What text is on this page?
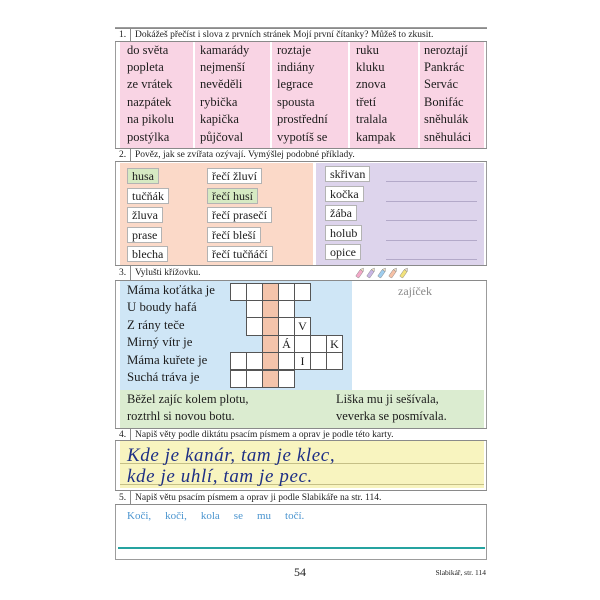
1. Dokážeš přečíst i slova z prvních stránek Mojí první čítanky? Můžeš to zkusit.
do světa
popleta
ze vrátek
nazpátek
na pikolu
postýlka
kamarády
nejmenší
nevěděli
rybička
kapička
půjčoval
roztaje
indiány
legrace
spousta
prostřední
vypotíš se
ruku
kluku
znova
třetí
tralala
kampak
neroztají
Pankrác
Servác
Bonifác
sněhulák
sněhuláci
2. Pověz, jak se zvířata ozývají. Vymýšlej podobné příklady.
husa
tučňák
žluva
prase
blecha
řečí žluví
řečí husí
řečí prasečí
řečí bleší
řečí tučňáčí
skřivan
kočka
žába
holub
opice
3. Vylušti křížovku.
Máma koťátka je
U boudy hafá
Z rány teče
Mirný vítr je
Máma kuřete je
Suchá tráva je
V
Á	K
I
zajíček
Běžel zajíc kolem plotu,
roztrhl si novou botu.
Liška mu ji sešívala,
veverka se posmívala.
4. Napiš věty podle diktátu psacím písmem a oprav je podle této karty.
Kde je kanár, tam je klec,
kde je uhlí, tam je pec.
5. Napiš větu psacím písmem a oprav ji podle Slabikáře na str. 114.
Koči, koči, kola se mu točí.
54	Slabikář, str. 114
